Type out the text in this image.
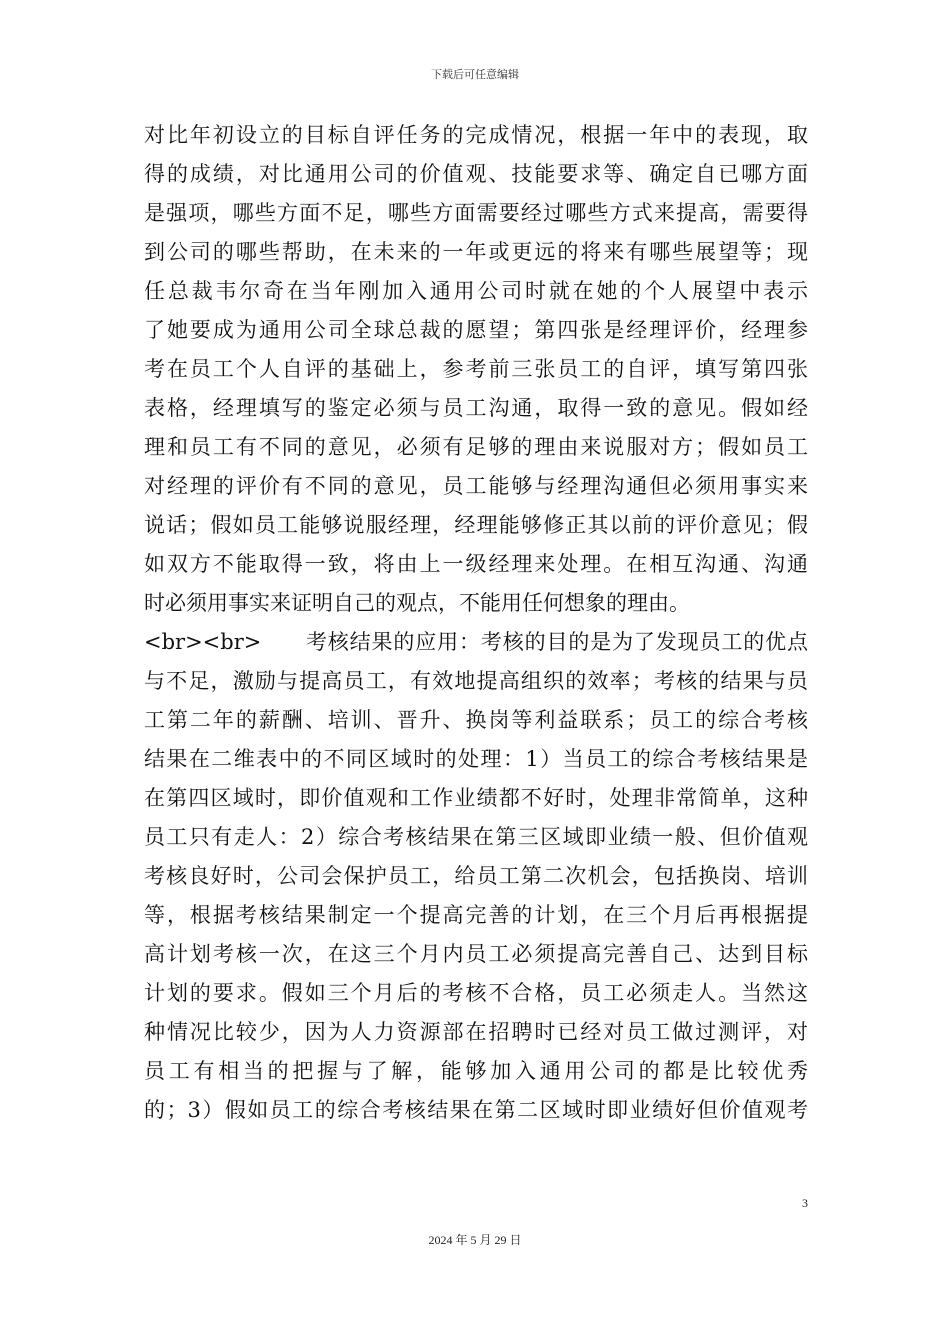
下载后可任意编辑
对比年初设立的目标自评任务的完成情况，根据一年中的表现，取
得的成绩，对比通用公司的价值观、技能要求等、确定自已哪方面
是强项，哪些方面不足，哪些方面需要经过哪些方式来提高，需要得
到公司的哪些帮助，在未来的一年或更远的将来有哪些展望等；现
任总裁韦尔奇在当年刚加入通用公司时就在她的个人展望中表示
了她要成为通用公司全球总裁的愿望；第四张是经理评价，经理参
考在员工个人自评的基础上，参考前三张员工的自评，填写第四张
表格，经理填写的鉴定必须与员工沟通，取得一致的意见。假如经
理和员工有不同的意见，必须有足够的理由来说服对方；假如员工
对经理的评价有不同的意见，员工能够与经理沟通但必须用事实来
说话；假如员工能够说服经理，经理能够修正其以前的评价意见；假
如双方不能取得一致，将由上一级经理来处理。在相互沟通、沟通
时必须用事实来证明自己的观点，不能用任何想象的理由。
<br><br>　　考核结果的应用：考核的目的是为了发现员工的优点
与不足，激励与提高员工，有效地提高组织的效率；考核的结果与员
工第二年的薪酬、培训、晋升、换岗等利益联系；员工的综合考核
结果在二维表中的不同区域时的处理：1）当员工的综合考核结果是
在第四区域时，即价值观和工作业绩都不好时，处理非常简单，这种
员工只有走人：2）综合考核结果在第三区域即业绩一般、但价值观
考核良好时，公司会保护员工，给员工第二次机会，包括换岗、培训
等，根据考核结果制定一个提高完善的计划，在三个月后再根据提
高计划考核一次，在这三个月内员工必须提高完善自己、达到目标
计划的要求。假如三个月后的考核不合格，员工必须走人。当然这
种情况比较少，因为人力资源部在招聘时已经对员工做过测评，对
员工有相当的把握与了解，能够加入通用公司的都是比较优秀
的；3）假如员工的综合考核结果在第二区域时即业绩好但价值观考
3
2024 年 5 月 29 日
